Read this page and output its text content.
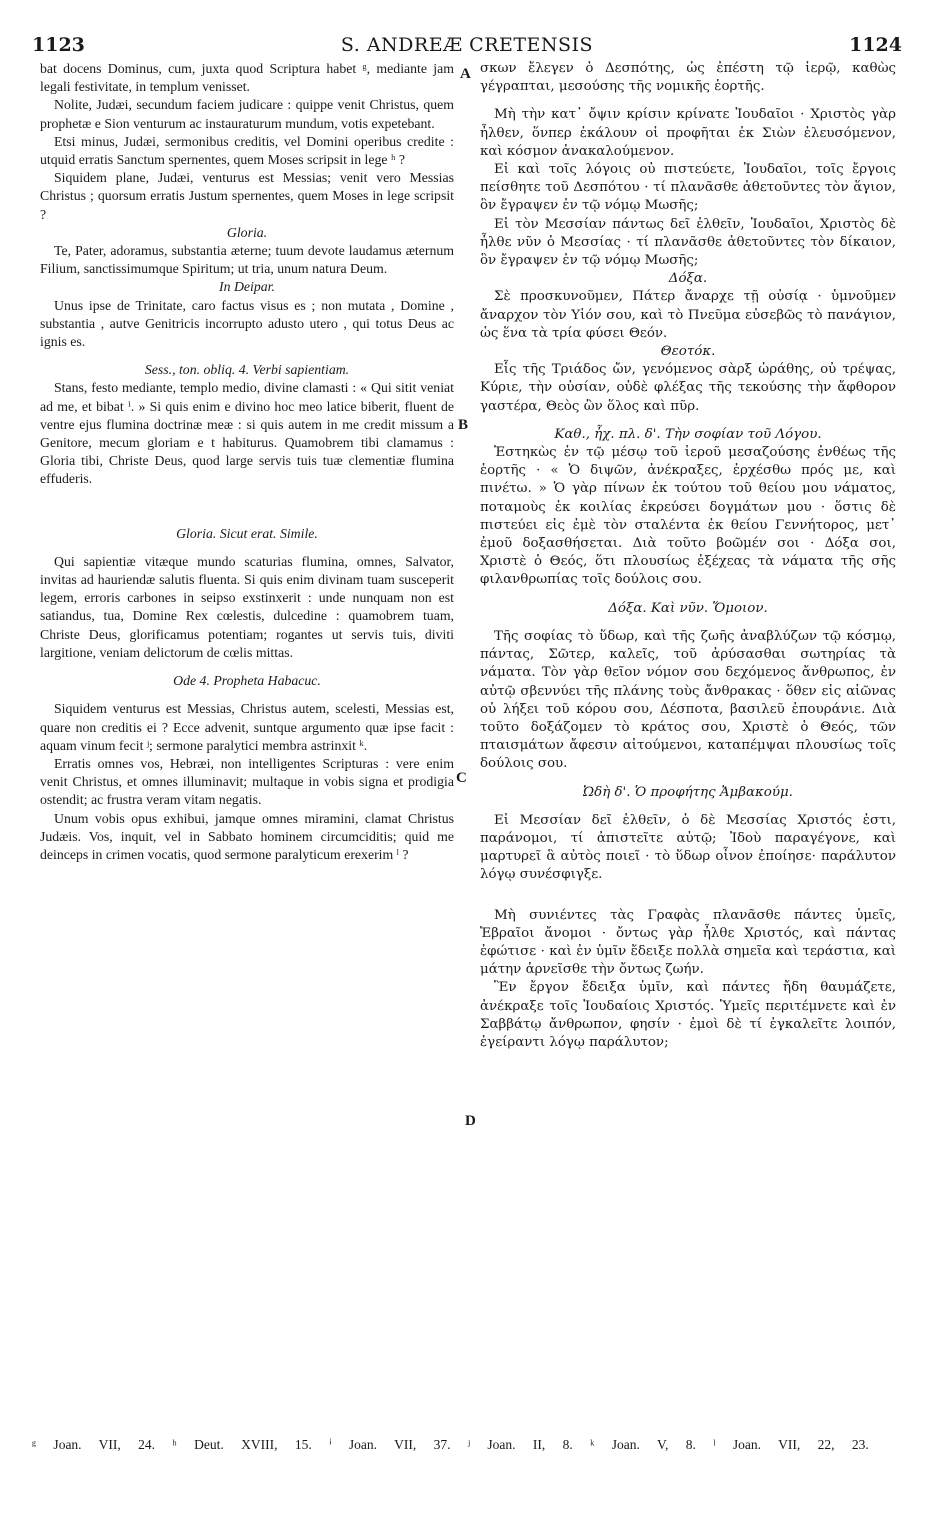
1123	S. ANDREÆ CRETENSIS	1124
A
B
C
D

bat docens Dominus, cum, juxta quod Scriptura habet ᵍ, mediante jam legali festivitate, in templum venisset.

Nolite, Judæi, secundum faciem judicare : quippe venit Christus, quem prophetæ e Sion venturum ac instauraturum mundum, votis expetebant.

Etsi minus, Judæi, sermonibus creditis, vel Domini operibus credite : utquid erratis Sanctum spernentes, quem Moses scripsit in lege ʰ ?

Siquidem plane, Judæi, venturus est Messias; venit vero Messias Christus ; quorsum erratis Justum spernentes, quem Moses in lege scripsit ?

Gloria.

Te, Pater, adoramus, substantia æterne; tuum devote laudamus æternum Filium, sanctissimumque Spiritum; ut tria, unum natura Deum.

In Deipar.

Unus ipse de Trinitate, caro factus visus es ; non mutata , Domine , substantia , autve Genitricis incorrupto adusto utero , qui totus Deus ac ignis es.

Sess., ton. obliq. 4. Verbi sapientiam.

Stans, festo mediante, templo medio, divine clamasti : « Qui sitit veniat ad me, et bibat ⁱ. » Si quis enim e divino hoc meo latice biberit, fluent de ventre ejus flumina doctrinæ meæ : si quis autem in me credit missum a Genitore, mecum gloriam e t habiturus. Quamobrem tibi clamamus : Gloria tibi, Christe Deus, quod large servis tuis tuæ clementiæ flumina effuderis.

Gloria. Sicut erat. Simile.

Qui sapientiæ vitæque mundo scaturias flumina, omnes, Salvator, invitas ad hauriendæ salutis fluenta. Si quis enim divinam tuam susceperit legem, erroris carbones in seipso exstinxerit : unde nunquam non est satiandus, tua, Domine Rex cœlestis, dulcedine : quamobrem tuam, Christe Deus, glorificamus potentiam; rogantes ut servis tuis, diviti largitione, veniam delictorum de cœlis mittas.

Ode 4. Propheta Habacuc.

Siquidem venturus est Messias, Christus autem, scelesti, Messias est, quare non creditis ei ? Ecce advenit, suntque argumento quæ ipse facit : aquam vinum fecit ʲ; sermone paralytici membra astrinxit ᵏ.

Erratis omnes vos, Hebræi, non intelligentes Scripturas : vere enim venit Christus, et omnes illuminavit; multaque in vobis signa et prodigia ostendit; ac frustra veram vitam negatis.

Unum vobis opus exhibui, jamque omnes miramini, clamat Christus Judæis. Vos, inquit, vel in Sabbato hominem circumciditis; quid me deinceps in crimen vocatis, quod sermone paralyticum erexerim ˡ ?

σκων ἔλεγεν ὁ Δεσπότης, ὡς ἐπέστη τῷ ἱερῷ, καθὼς γέγραπται, μεσούσης τῆς νομικῆς ἑορτῆς.

Μὴ τὴν κατ᾿ ὄψιν κρίσιν κρίνατε Ἰουδαῖοι · Χριστὸς γὰρ ἦλθεν, ὅνπερ ἐκάλουν οἱ προφῆται ἐκ Σιὼν ἐλευσόμενον, καὶ κόσμον ἀνακαλούμενον.

Εἰ καὶ τοῖς λόγοις οὐ πιστεύετε, Ἰουδαῖοι, τοῖς ἔργοις πείσθητε τοῦ Δεσπότου · τί πλανᾶσθε ἀθετοῦντες τὸν ἅγιον, ὃν ἔγραψεν ἐν τῷ νόμῳ Μωσῆς;

Εἰ τὸν Μεσσίαν πάντως δεῖ ἐλθεῖν, Ἰουδαῖοι, Χριστὸς δὲ ἦλθε νῦν ὁ Μεσσίας · τί πλανᾶσθε ἀθετοῦντες τὸν δίκαιον, ὃν ἔγραψεν ἐν τῷ νόμῳ Μωσῆς;

Δόξα.

Σὲ προσκυνοῦμεν, Πάτερ ἄναρχε τῇ οὐσίᾳ · ὑμνοῦμεν ἄναρχον τὸν Υἱόν σου, καὶ τὸ Πνεῦμα εὐσεβῶς τὸ πανάγιον, ὡς ἕνα τὰ τρία φύσει Θεόν.

Θεοτόκ.

Εἷς τῆς Τριάδος ὤν, γενόμενος σὰρξ ὡράθης, οὐ τρέψας, Κύριε, τὴν οὐσίαν, οὐδὲ φλέξας τῆς τεκούσης τὴν ἄφθορον γαστέρα, Θεὸς ὢν ὅλος καὶ πῦρ.

Καθ., ἦχ. πλ. δ'. Τὴν σοφίαν τοῦ Λόγου.

Ἑστηκὼς ἐν τῷ μέσῳ τοῦ ἱεροῦ μεσαζούσης ἐνθέως τῆς ἑορτῆς · « Ὁ διψῶν, ἀνέκραξες, ἐρχέσθω πρός με, καὶ πινέτω. » Ὁ γὰρ πίνων ἐκ τούτου τοῦ θείου μου νάματος, ποταμοὺς ἐκ κοιλίας ἐκρεύσει δογμάτων μου · ὅστις δὲ πιστεύει εἰς ἐμὲ τὸν σταλέντα ἐκ θείου Γεννήτορος, μετ᾿ ἐμοῦ δοξασθήσεται. Διὰ τοῦτο βοῶμέν σοι · Δόξα σοι, Χριστὲ ὁ Θεός, ὅτι πλουσίως ἐξέχεας τὰ νάματα τῆς σῆς φιλανθρωπίας τοῖς δούλοις σου.

Δόξα. Καὶ νῦν. Ὅμοιον.

Τῆς σοφίας τὸ ὕδωρ, καὶ τῆς ζωῆς ἀναβλύζων τῷ κόσμῳ, πάντας, Σῶτερ, καλεῖς, τοῦ ἀρύσασθαι σωτηρίας τὰ νάματα. Τὸν γὰρ θεῖον νόμον σου δεχόμενος ἄνθρωπος, ἐν αὐτῷ σβεννύει τῆς πλάνης τοὺς ἄνθρακας · ὅθεν εἰς αἰῶνας οὐ λήξει τοῦ κόρου σου, Δέσποτα, βασιλεῦ ἐπουράνιε. Διὰ τοῦτο δοξάζομεν τὸ κράτος σου, Χριστὲ ὁ Θεός, τῶν πταισμάτων ἄφεσιν αἰτούμενοι, καταπέμψαι πλουσίως τοῖς δούλοις σου.

Ὠδὴ δ'. Ὁ προφήτης Ἀμβακούμ.

Εἰ Μεσσίαν δεῖ ἐλθεῖν, ὁ δὲ Μεσσίας Χριστός ἐστι, παράνομοι, τί ἀπιστεῖτε αὐτῷ; Ἰδοὺ παραγέγονε, καὶ μαρτυρεῖ ἃ αὐτὸς ποιεῖ · τὸ ὕδωρ οἶνον ἐποίησε· παράλυτον λόγῳ συνέσφιγξε.

Μὴ συνιέντες τὰς Γραφὰς πλανᾶσθε πάντες ὑμεῖς, Ἑβραῖοι ἄνομοι · ὄντως γὰρ ἦλθε Χριστός, καὶ πάντας ἐφώτισε · καὶ ἐν ὑμῖν ἔδειξε πολλὰ σημεῖα καὶ τεράστια, καὶ μάτην ἀρνεῖσθε τὴν ὄντως ζωήν.

Ἓν ἔργον ἔδειξα ὑμῖν, καὶ πάντες ἤδη θαυμάζετε, ἀνέκραξε τοῖς Ἰουδαίοις Χριστός. Ὑμεῖς περιτέμνετε καὶ ἐν Σαββάτῳ ἄνθρωπον, φησίν · ἐμοὶ δὲ τί ἐγκαλεῖτε λοιπόν, ἐγείραντι λόγῳ παράλυτον;

ᵍ Joan. VII, 24. ʰ Deut. XVIII, 15. ⁱ Joan. VII, 37. ʲ Joan. II, 8. ᵏ Joan. V, 8. ˡ Joan. VII, 22, 23.
